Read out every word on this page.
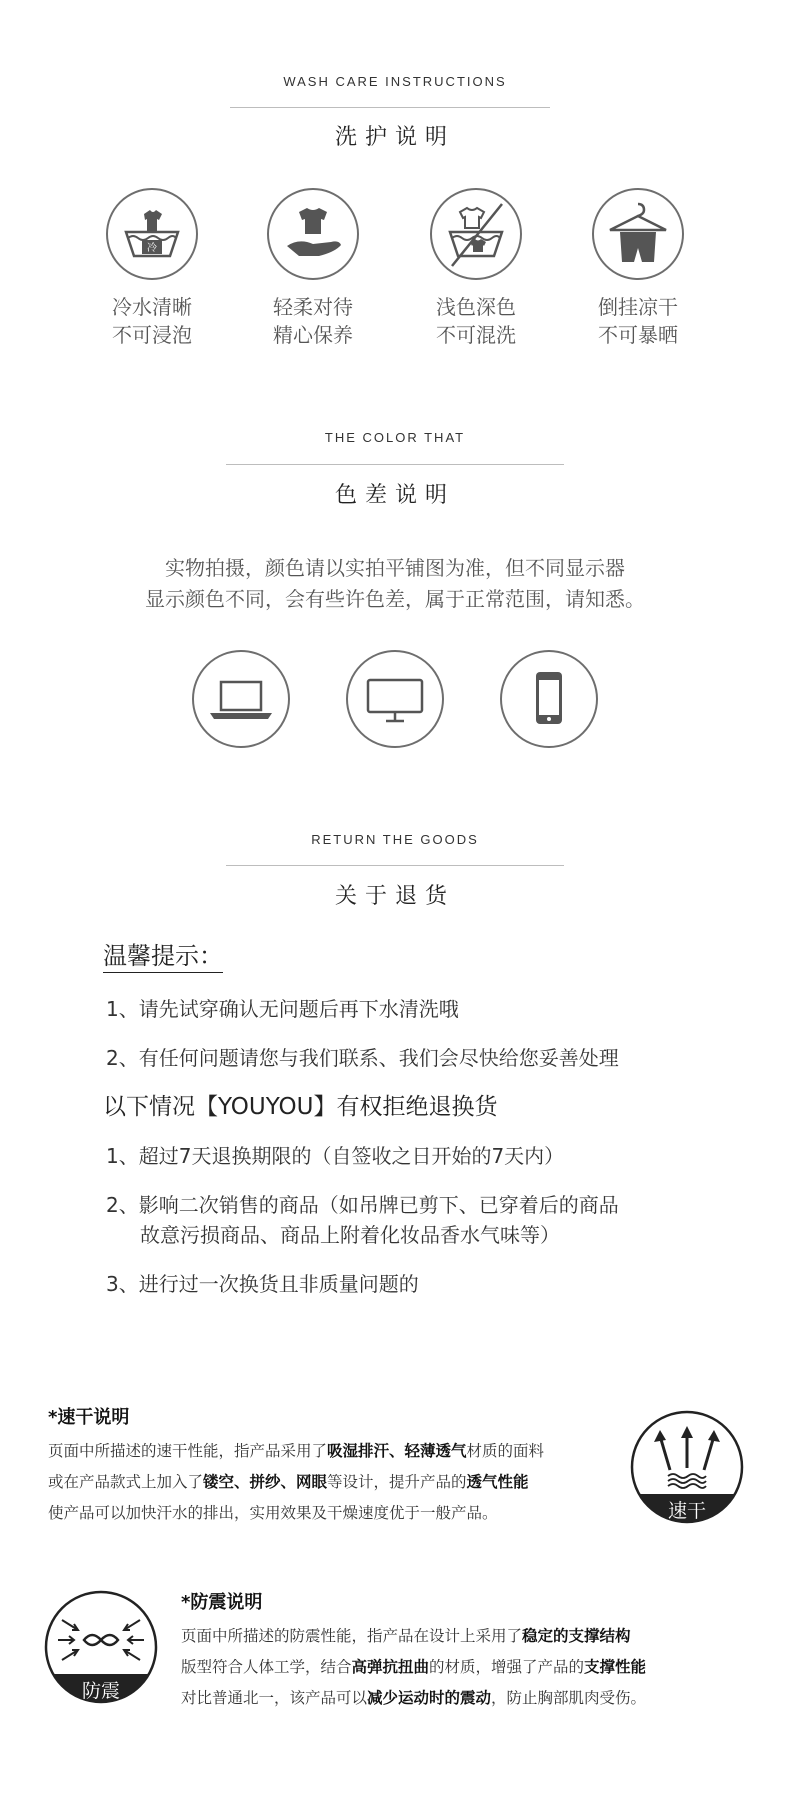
WASH CARE INSTRUCTIONS
洗护说明
冷
冷水清晰
不可浸泡
轻柔对待
精心保养
浅色深色
不可混洗
倒挂凉干
不可暴晒
THE COLOR THAT
色差说明
实物拍摄，颜色请以实拍平铺图为准，但不同显示器
显示颜色不同，会有些许色差，属于正常范围，请知悉。
RETURN THE GOODS
关于退货
温馨提示：
1、请先试穿确认无问题后再下水清洗哦
2、有任何问题请您与我们联系、我们会尽快给您妥善处理
以下情况【YOUYOU】有权拒绝退换货
1、超过7天退换期限的（自签收之日开始的7天内）
2、影响二次销售的商品（如吊牌已剪下、已穿着后的商品
故意污损商品、商品上附着化妆品香水气味等）
3、进行过一次换货且非质量问题的
*速干说明
页面中所描述的速干性能，指产品采用了吸湿排汗、轻薄透气材质的面料
或在产品款式上加入了镂空、拼纱、网眼等设计，提升产品的透气性能
使产品可以加快汗水的排出，实用效果及干燥速度优于一般产品。	速干
防震
*防震说明
页面中所描述的防震性能，指产品在设计上采用了稳定的支撑结构
版型符合人体工学，结合高弹抗扭曲的材质，增强了产品的支撑性能
对比普通北一，该产品可以减少运动时的震动，防止胸部肌肉受伤。
